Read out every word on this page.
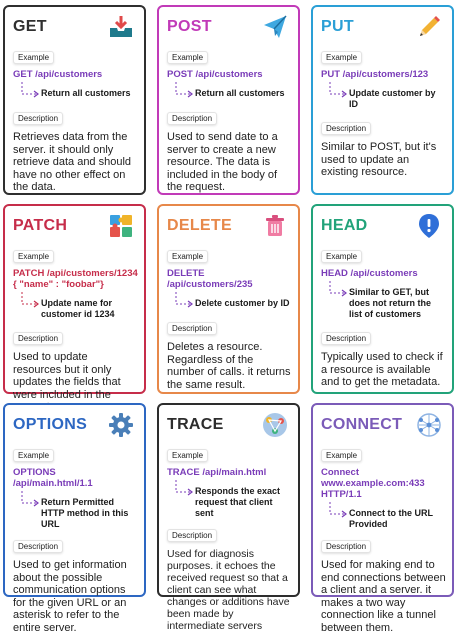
GET
Example
GET /api/customers
Return all customers
Description
Retrieves data from the server. it should only retrieve data and should have no other effect on the data.
POST
Example
POST /api/customers
Return all customers
Description
Used to send date to a server to create a new resource. The data is included in the body of the request.
PUT
Example
PUT /api/customers/123
Update customer by ID
Description
Similar to POST, but it's used to update an existing resource.
PATCH
Example
PATCH /api/customers/1234
{ "name" : "foobar"}
Update name for customer id 1234
Description
Used to update resources but it only updates the fields that were included in the
DELETE
Example
DELETE /api/customers/235
Delete customer by ID
Description
Deletes a resource. Regardless of the number of calls. it returns the same result.
HEAD
Example
HEAD /api/customers
Similar to GET, but does not return the list of customers
Description
Typically used to check if a resource is available and to get the metadata.
OPTIONS
Example
OPTIONS /api/main.html/1.1
Return Permitted HTTP method in this URL
Description
Used to get information about the possible communication options for the given URL or an asterisk to refer to the entire server.
TRACE
Example
TRACE /api/main.html
Responds the exact request that client sent
Description
Used for diagnosis purposes. it echoes the received request so that a client can see what changes or additions have been made by intermediate servers
CONNECT
Example
Connect www.example.com:433
HTTP/1.1
Connect to the URL Provided
Description
Used for making end to end connections between a client and a server. it makes a two way connection like a tunnel between them.
